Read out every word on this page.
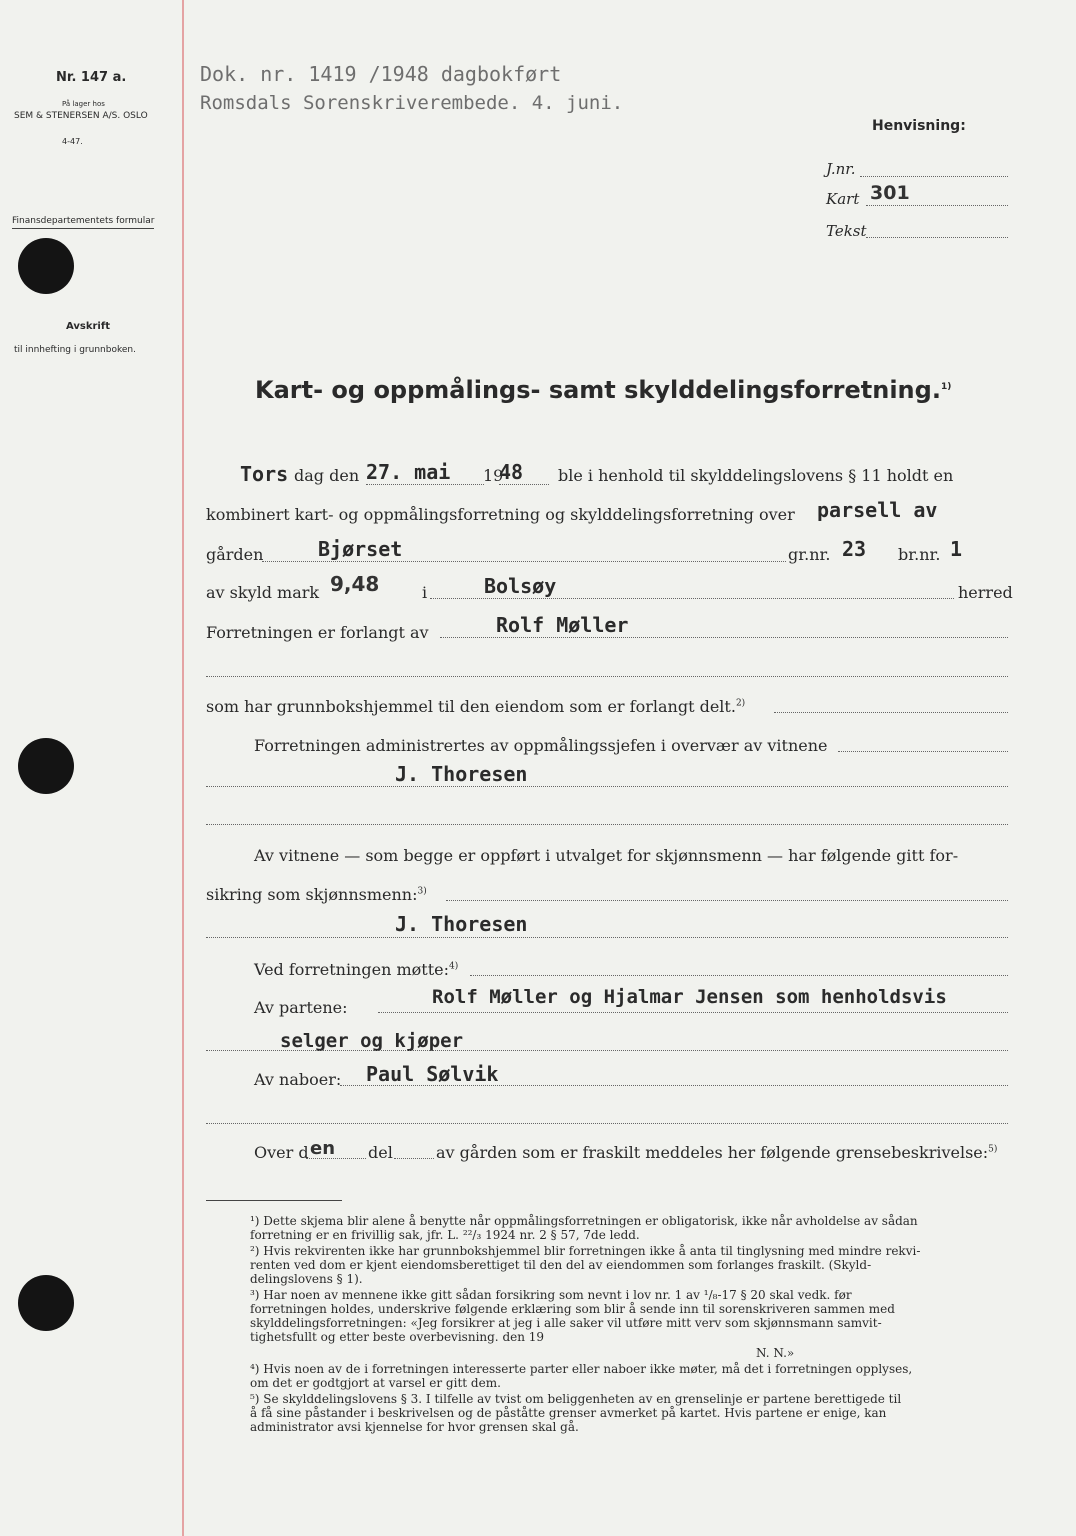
Nr. 147 a.
På lager hos
SEM & STENERSEN A/S. OSLO
4-47.
Finansdepartementets formular
Avskrift
til innhefting i grunnboken.
Dok. nr. 1419 /1948 dagbokført
Romsdals Sorenskriverembede. 4. juni.
Henvisning:
J.nr.
Kart 301
Tekst
Kart- og oppmålings- samt skylddelingsforretning.$^{1)}$
Tors dag den 27. mai 19
48 ble i henhold til skylddelingslovens § 11 holdt en
kombinert kart- og oppmålingsforretning og skylddelingsforretning over parsell av
gården	Bjørset	gr.nr. 23 br.nr. 1
av skyld mark 9,48	i	Bolsøy	herred
Forretningen er forlangt av	Rolf Møller
som har grunnbokshjemmel til den eiendom som er forlangt delt.$^{2)}$
Forretningen administrertes av oppmålingssjefen i overvær av vitnene
J. Thoresen
Av vitnene — som begge er oppført i utvalget for skjønnsmenn — har følgende gitt for-
sikring som skjønnsmenn:$^{3)}$
J. Thoresen
Ved forretningen møtte:$^{4)}$
Av partene:	Rolf Møller og Hjalmar Jensen som henholdsvis
selger og kjøper
Av naboer: Paul Sølvik
Over d en del	av gården som er fraskilt meddeles her følgende grensebeskrivelse:$^{5)}$
¹) Dette skjema blir alene å benytte når oppmålingsforretningen er obligatorisk, ikke når avholdelse av sådan
forretning er en frivillig sak, jfr. L. ²²/₃ 1924 nr. 2 § 57, 7de ledd.
²) Hvis rekvirenten ikke har grunnbokshjemmel blir forretningen ikke å anta til tinglysning med mindre rekvi-
renten ved dom er kjent eiendomsberettiget til den del av eiendommen som forlanges fraskilt. (Skyld-
delingslovens § 1).
³) Har noen av mennene ikke gitt sådan forsikring som nevnt i lov nr. 1 av ¹/₈-17 § 20 skal vedk. før
forretningen holdes, underskrive følgende erklæring som blir å sende inn til sorenskriveren sammen med
skylddelingsforretningen: «Jeg forsikrer at jeg i alle saker vil utføre mitt verv som skjønnsmann samvit-
tighetsfullt og etter beste overbevisning. den 19
N. N.»
⁴) Hvis noen av de i forretningen interesserte parter eller naboer ikke møter, må det i forretningen opplyses,
om det er godtgjort at varsel er gitt dem.
⁵) Se skylddelingslovens § 3. I tilfelle av tvist om beliggenheten av en grenselinje er partene berettigede til
å få sine påstander i beskrivelsen og de påståtte grenser avmerket på kartet. Hvis partene er enige, kan
administrator avsi kjennelse for hvor grensen skal gå.
